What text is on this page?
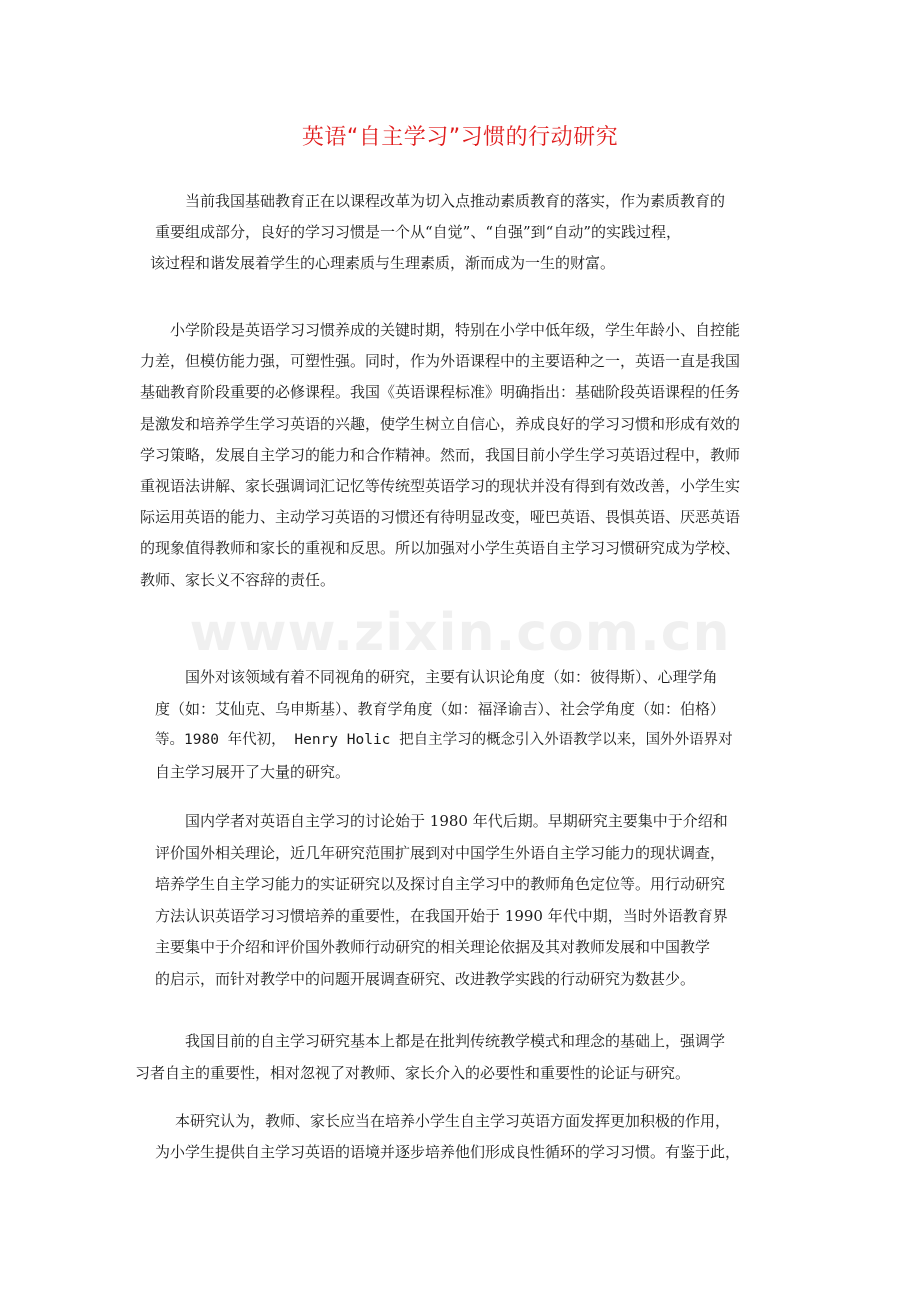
英语“自主学习”习惯的行动研究
www.zixin.com.cn
当前我国基础教育正在以课程改革为切入点推动素质教育的落实，作为素质教育的
重要组成部分，良好的学习习惯是一个从“自觉”、“自强”到“自动”的实践过程，
该过程和谐发展着学生的心理素质与生理素质，渐而成为一生的财富。
小学阶段是英语学习习惯养成的关键时期，特别在小学中低年级，学生年龄小、自控能
力差，但模仿能力强，可塑性强。同时，作为外语课程中的主要语种之一，英语一直是我国
基础教育阶段重要的必修课程。我国《英语课程标准》明确指出：基础阶段英语课程的任务
是激发和培养学生学习英语的兴趣，使学生树立自信心，养成良好的学习习惯和形成有效的
学习策略，发展自主学习的能力和合作精神。然而，我国目前小学生学习英语过程中，教师
重视语法讲解、家长强调词汇记忆等传统型英语学习的现状并没有得到有效改善，小学生实
际运用英语的能力、主动学习英语的习惯还有待明显改变，哑巴英语、畏惧英语、厌恶英语
的现象值得教师和家长的重视和反思。所以加强对小学生英语自主学习习惯研究成为学校、
教师、家长义不容辞的责任。
国外对该领域有着不同视角的研究，主要有认识论角度（如：彼得斯）、心理学角
度（如：艾仙克、乌申斯基）、教育学角度（如：福泽谕吉）、社会学角度（如：伯格）
等。1980 年代初， Henry Holic 把自主学习的概念引入外语教学以来，国外外语界对
自主学习展开了大量的研究。
国内学者对英语自主学习的讨论始于 1980 年代后期。早期研究主要集中于介绍和
评价国外相关理论，近几年研究范围扩展到对中国学生外语自主学习能力的现状调查，
培养学生自主学习能力的实证研究以及探讨自主学习中的教师角色定位等。用行动研究
方法认识英语学习习惯培养的重要性，在我国开始于 1990 年代中期，当时外语教育界
主要集中于介绍和评价国外教师行动研究的相关理论依据及其对教师发展和中国教学
的启示，而针对教学中的问题开展调查研究、改进教学实践的行动研究为数甚少。
我国目前的自主学习研究基本上都是在批判传统教学模式和理念的基础上，强调学
习者自主的重要性，相对忽视了对教师、家长介入的必要性和重要性的论证与研究。
本研究认为，教师、家长应当在培养小学生自主学习英语方面发挥更加积极的作用，
为小学生提供自主学习英语的语境并逐步培养他们形成良性循环的学习习惯。有鉴于此，
